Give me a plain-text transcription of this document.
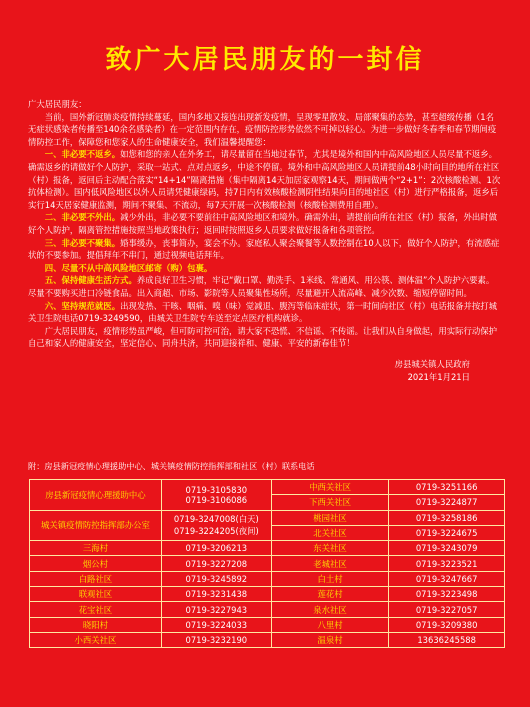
致广大居民朋友的一封信

广大居民朋友：

当前，国外新冠肺炎疫情持续蔓延，国内多地又接连出现新发疫情，呈现零星散发、局部聚集的态势，甚至超级传播（1名无症状感染者传播至140余名感染者）在一定范围内存在，疫情防控形势依然不可掉以轻心。为进一步做好冬春季和春节期间疫情防控工作，保障您和您家人的生命健康安全，我们温馨提醒您：

一、非必要不返乡。如您和您的亲人在外务工，请尽量留在当地过春节，尤其是境外和国内中高风险地区人员尽量不返乡。确需返乡的请做好个人防护，采取一站式、点对点返乡，中途不停留。境外和中高风险地区人员请提前48小时向目的地所在社区（村）报备，返回后主动配合落实“14+14”隔离措施（集中隔离14天加居家观察14天，期间做两个“2+1”：2次核酸检测、1次抗体检测）。国内低风险地区以外人员请凭健康绿码，持7日内有效核酸检测阴性结果向目的地社区（村）进行严格报备，返乡后实行14天居家健康监测，期间不聚集、不流动，每7天开展一次核酸检测（核酸检测费用自理）。

二、非必要不外出。减少外出，非必要不要前往中高风险地区和境外。确需外出，请提前向所在社区（村）报备，外出时做好个人防护，隔离管控措施按照当地政策执行；返回时按照返乡人员要求做好报备和各项管控。

三、非必要不聚集。婚事缓办，丧事简办，宴会不办。家庭私人聚会聚餐等人数控制在10人以下，做好个人防护，有流感症状的不要参加。提倡拜年不串门，通过视频电话拜年。

四、尽量不从中高风险地区邮寄（购）包裹。

五、保持健康生活方式。养成良好卫生习惯，牢记“戴口罩、勤洗手、1米线、常通风、用公筷、测体温”个人防护六要素。尽量不要购买进口冷链食品。出入商超、市场、影院等人员聚集性场所，尽量避开人流高峰、减少次数、缩短停留时间。

六、坚持规范就医。出现发热、干咳、咽痛、嗅（味）觉减退、腹泻等临床症状，第一时间向社区（村）电话报备并按打城关卫生院电话0719-3249590，由城关卫生院专车送至定点医疗机构就诊。

广大居民朋友，疫情形势虽严峻，但可防可控可治，请大家不恐慌、不信谣、不传谣。让我们从自身做起，用实际行动保护自己和家人的健康安全，坚定信心、同舟共济，共同迎接祥和、健康、平安的新春佳节！

房县城关镇人民政府
2021年1月21日
附：房县新冠疫情心理援助中心、城关镇疫情防控指挥部和社区（村）联系电话
房县新冠疫情心理援助中心	0719-3105830
0719-3106086	中西关社区	0719-3251166
		下西关社区	0719-3224877
城关镇疫情防控指挥部办公室	0719-3247008(白天)
0719-3224205(夜间)	桃园社区	0719-3258186
		北关社区	0719-3224675
三海村	0719-3206213	东关社区	0719-3243079
烟公村	0719-3227208	老城社区	0719-3223521
白路社区	0719-3245892	白土村	0719-3247667
联观社区	0719-3231438	莲花村	0719-3223498
花宝社区	0719-3227943	泉水社区	0719-3227057
晓阳村	0719-3224033	八里村	0719-3209380
小西关社区	0719-3232190	温泉村	13636245588
